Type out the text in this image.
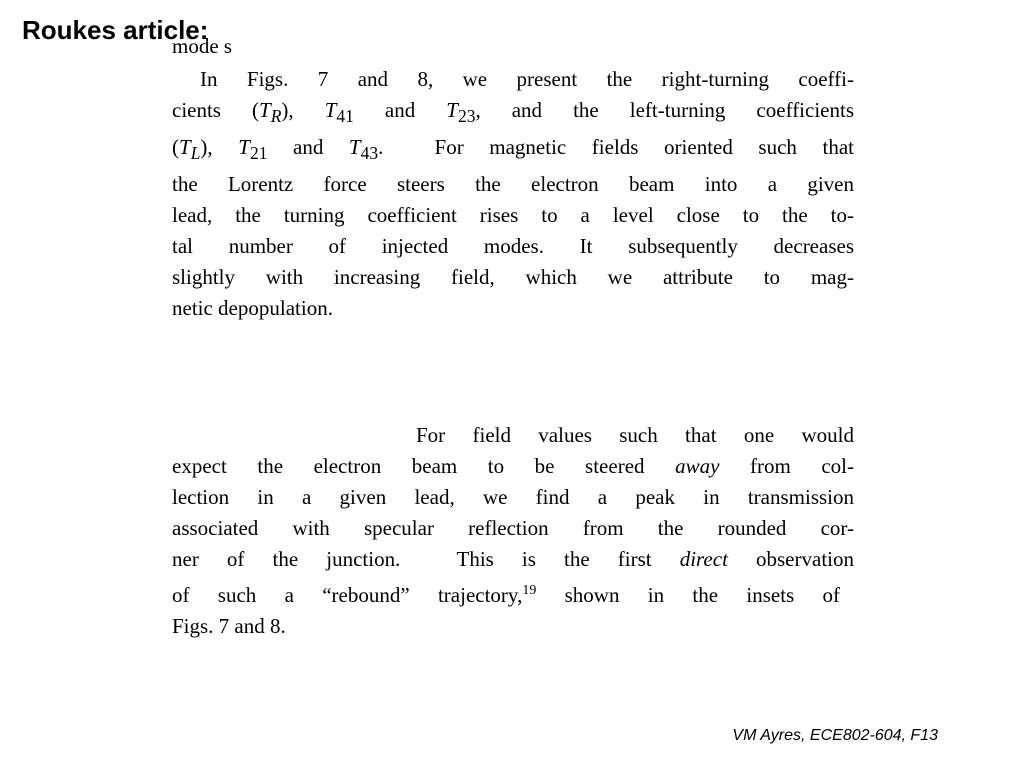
Roukes article:
mode s
In Figs. 7 and 8, we present the right-turning coeffi-
cients $(T_R)$, $T_{41}$ and $T_{23}$, and the left-turning coefficients
$(T_L)$, $T_{21}$ and $T_{43}$.  For magnetic fields oriented such that
the Lorentz force steers the electron beam into a given
lead, the turning coefficient rises to a level close to the to-
tal number of injected modes. It subsequently decreases
slightly with increasing field, which we attribute to mag-
netic depopulation.
For field values such that one would
expect the electron beam to be steered away from col-
lection in a given lead, we find a peak in transmission
associated with specular reflection from the rounded cor-
ner of the junction.  This is the first direct observation
of such a “rebound” trajectory,$^{19}$ shown in the insets of
Figs. 7 and 8.
VM Ayres, ECE802-604, F13
